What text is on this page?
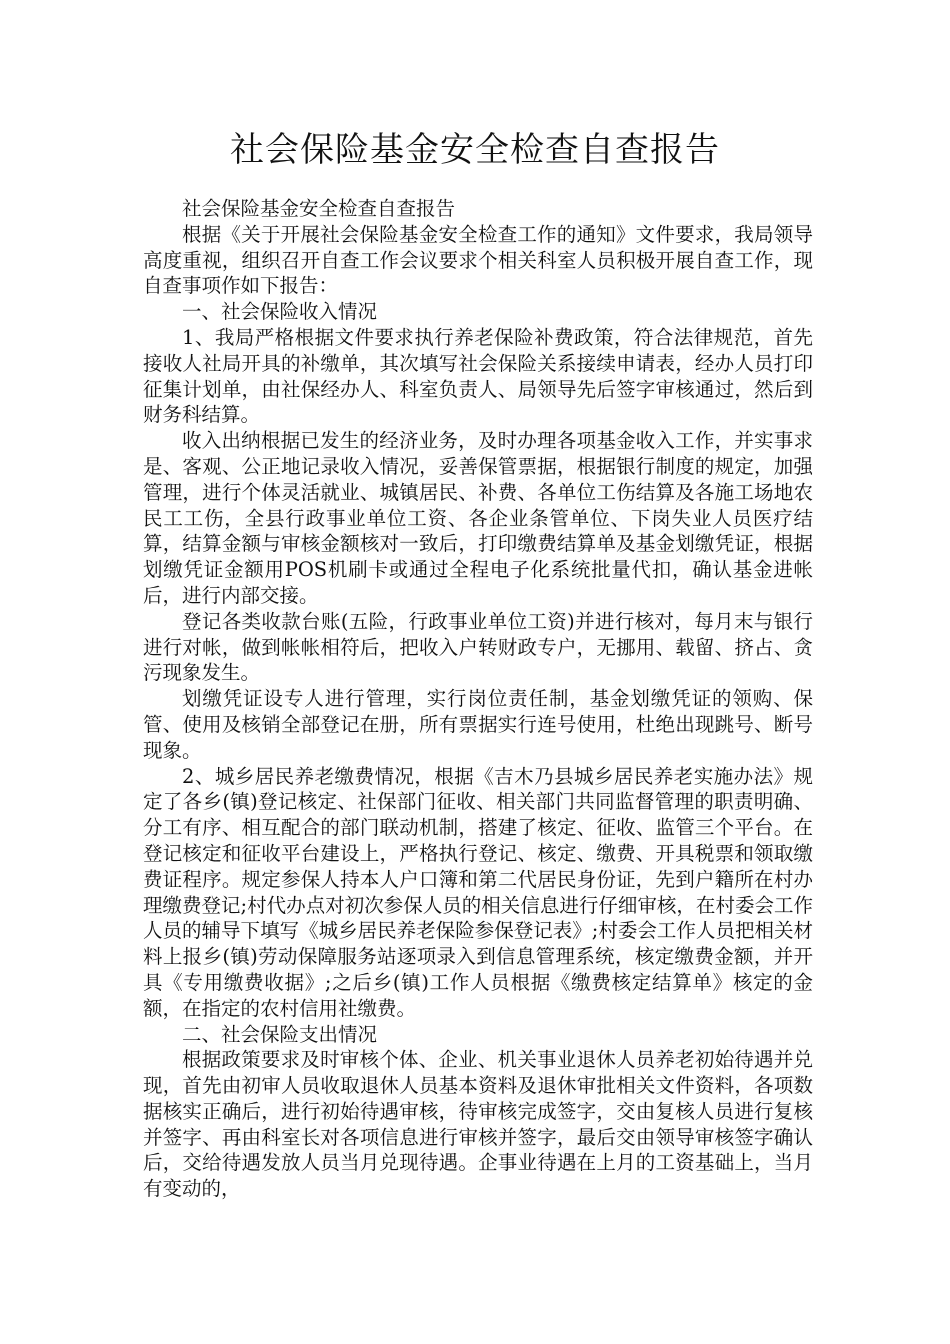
社会保险基金安全检查自查报告

社会保险基金安全检查自查报告

根据《关于开展社会保险基金安全检查工作的通知》文件要求，我局领导高度重视，组织召开自查工作会议要求个相关科室人员积极开展自查工作，现自查事项作如下报告：

一、社会保险收入情况

1、我局严格根据文件要求执行养老保险补费政策，符合法律规范，首先接收人社局开具的补缴单，其次填写社会保险关系接续申请表，经办人员打印征集计划单，由社保经办人、科室负责人、局领导先后签字审核通过，然后到财务科结算。

收入出纳根据已发生的经济业务，及时办理各项基金收入工作，并实事求是、客观、公正地记录收入情况，妥善保管票据，根据银行制度的规定，加强管理，进行个体灵活就业、城镇居民、补费、各单位工伤结算及各施工场地农民工工伤，全县行政事业单位工资、各企业条管单位、下岗失业人员医疗结算，结算金额与审核金额核对一致后，打印缴费结算单及基金划缴凭证，根据划缴凭证金额用POS机刷卡或通过全程电子化系统批量代扣，确认基金进帐后，进行内部交接。

登记各类收款台账(五险，行政事业单位工资)并进行核对，每月末与银行进行对帐，做到帐帐相符后，把收入户转财政专户，无挪用、载留、挤占、贪污现象发生。

划缴凭证设专人进行管理，实行岗位责任制，基金划缴凭证的领购、保管、使用及核销全部登记在册，所有票据实行连号使用，杜绝出现跳号、断号现象。

2、城乡居民养老缴费情况，根据《吉木乃县城乡居民养老实施办法》规定了各乡(镇)登记核定、社保部门征收、相关部门共同监督管理的职责明确、分工有序、相互配合的部门联动机制，搭建了核定、征收、监管三个平台。在登记核定和征收平台建设上，严格执行登记、核定、缴费、开具税票和领取缴费证程序。规定参保人持本人户口簿和第二代居民身份证，先到户籍所在村办理缴费登记;村代办点对初次参保人员的相关信息进行仔细审核，在村委会工作人员的辅导下填写《城乡居民养老保险参保登记表》;村委会工作人员把相关材料上报乡(镇)劳动保障服务站逐项录入到信息管理系统，核定缴费金额，并开具《专用缴费收据》;之后乡(镇)工作人员根据《缴费核定结算单》核定的金额，在指定的农村信用社缴费。

二、社会保险支出情况

根据政策要求及时审核个体、企业、机关事业退休人员养老初始待遇并兑现，首先由初审人员收取退休人员基本资料及退休审批相关文件资料，各项数据核实正确后，进行初始待遇审核，待审核完成签字，交由复核人员进行复核并签字、再由科室长对各项信息进行审核并签字，最后交由领导审核签字确认后，交给待遇发放人员当月兑现待遇。企事业待遇在上月的工资基础上，当月有变动的，
